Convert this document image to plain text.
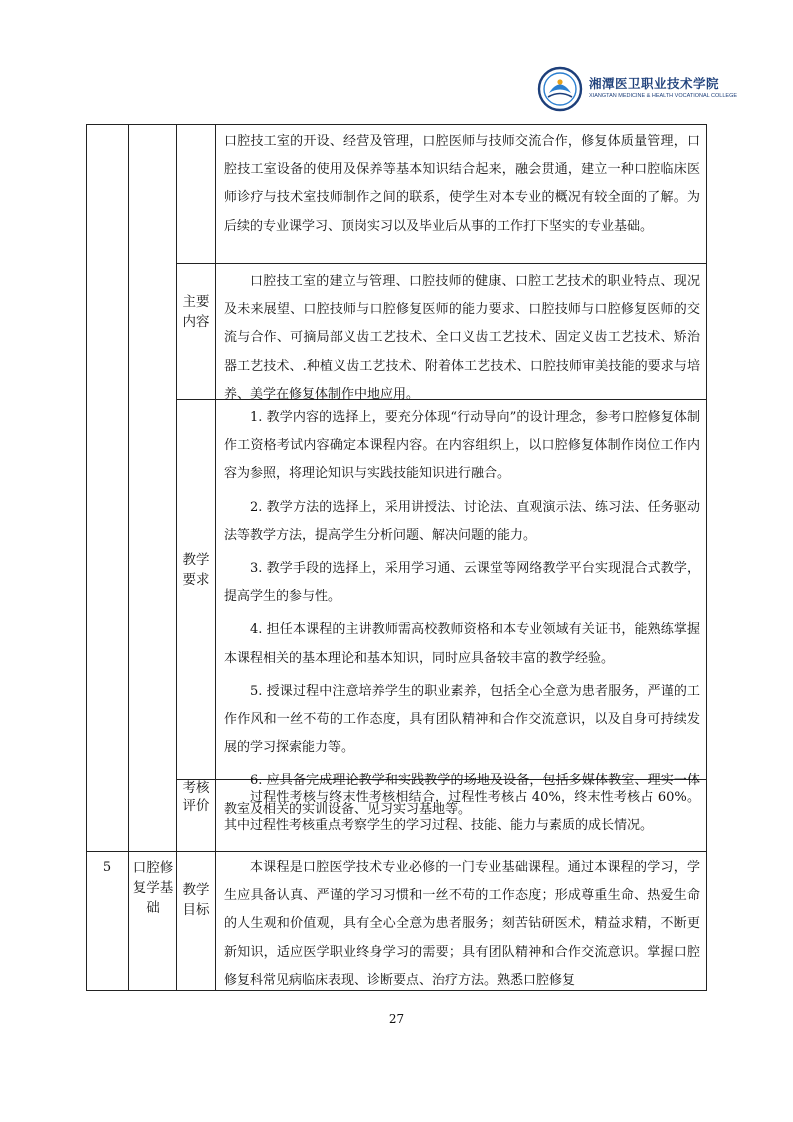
湘潭医卫职业技术学院
XIANGTAN MEDICINE & HEALTH VOCATIONAL COLLEGE
口腔技工室的开设、经营及管理，口腔医师与技师交流合作，修复体质量管理，口腔技工室设备的使用及保养等基本知识结合起来，融会贯通，建立一种口腔临床医师诊疗与技术室技师制作之间的联系，使学生对本专业的概况有较全面的了解。为后续的专业课学习、顶岗实习以及毕业后从事的工作打下坚实的专业基础。
主要内容
口腔技工室的建立与管理、口腔技师的健康、口腔工艺技术的职业特点、现况及未来展望、口腔技师与口腔修复医师的能力要求、口腔技师与口腔修复医师的交流与合作、可摘局部义齿工艺技术、全口义齿工艺技术、固定义齿工艺技术、矫治器工艺技术、.种植义齿工艺技术、附着体工艺技术、口腔技师审美技能的要求与培养、美学在修复体制作中地应用。
教学要求
1. 教学内容的选择上，要充分体现“行动导向”的设计理念，参考口腔修复体制作工资格考试内容确定本课程内容。在内容组织上，以口腔修复体制作岗位工作内容为参照，将理论知识与实践技能知识进行融合。
2. 教学方法的选择上，采用讲授法、讨论法、直观演示法、练习法、任务驱动法等教学方法，提高学生分析问题、解决问题的能力。
3. 教学手段的选择上，采用学习通、云课堂等网络教学平台实现混合式教学，提高学生的参与性。
4. 担任本课程的主讲教师需高校教师资格和本专业领域有关证书，能熟练掌握本课程相关的基本理论和基本知识，同时应具备较丰富的教学经验。
5. 授课过程中注意培养学生的职业素养，包括全心全意为患者服务，严谨的工作作风和一丝不苟的工作态度，具有团队精神和合作交流意识，以及自身可持续发展的学习探索能力等。
6. 应具备完成理论教学和实践教学的场地及设备，包括多媒体教室、理实一体教室及相关的实训设备、见习实习基地等。
考核评价	过程性考核与终末性考核相结合，过程性考核占 40%，终末性考核占 60%。其中过程性考核重点考察学生的学习过程、技能、能力与素质的成长情况。
5	口腔修复学基础
教学目标
本课程是口腔医学技术专业必修的一门专业基础课程。通过本课程的学习，学生应具备认真、严谨的学习习惯和一丝不苟的工作态度；形成尊重生命、热爱生命的人生观和价值观，具有全心全意为患者服务；刻苦钻研医术，精益求精，不断更新知识，适应医学职业终身学习的需要；具有团队精神和合作交流意识。掌握口腔修复科常见病临床表现、诊断要点、治疗方法。熟悉口腔修复
27
